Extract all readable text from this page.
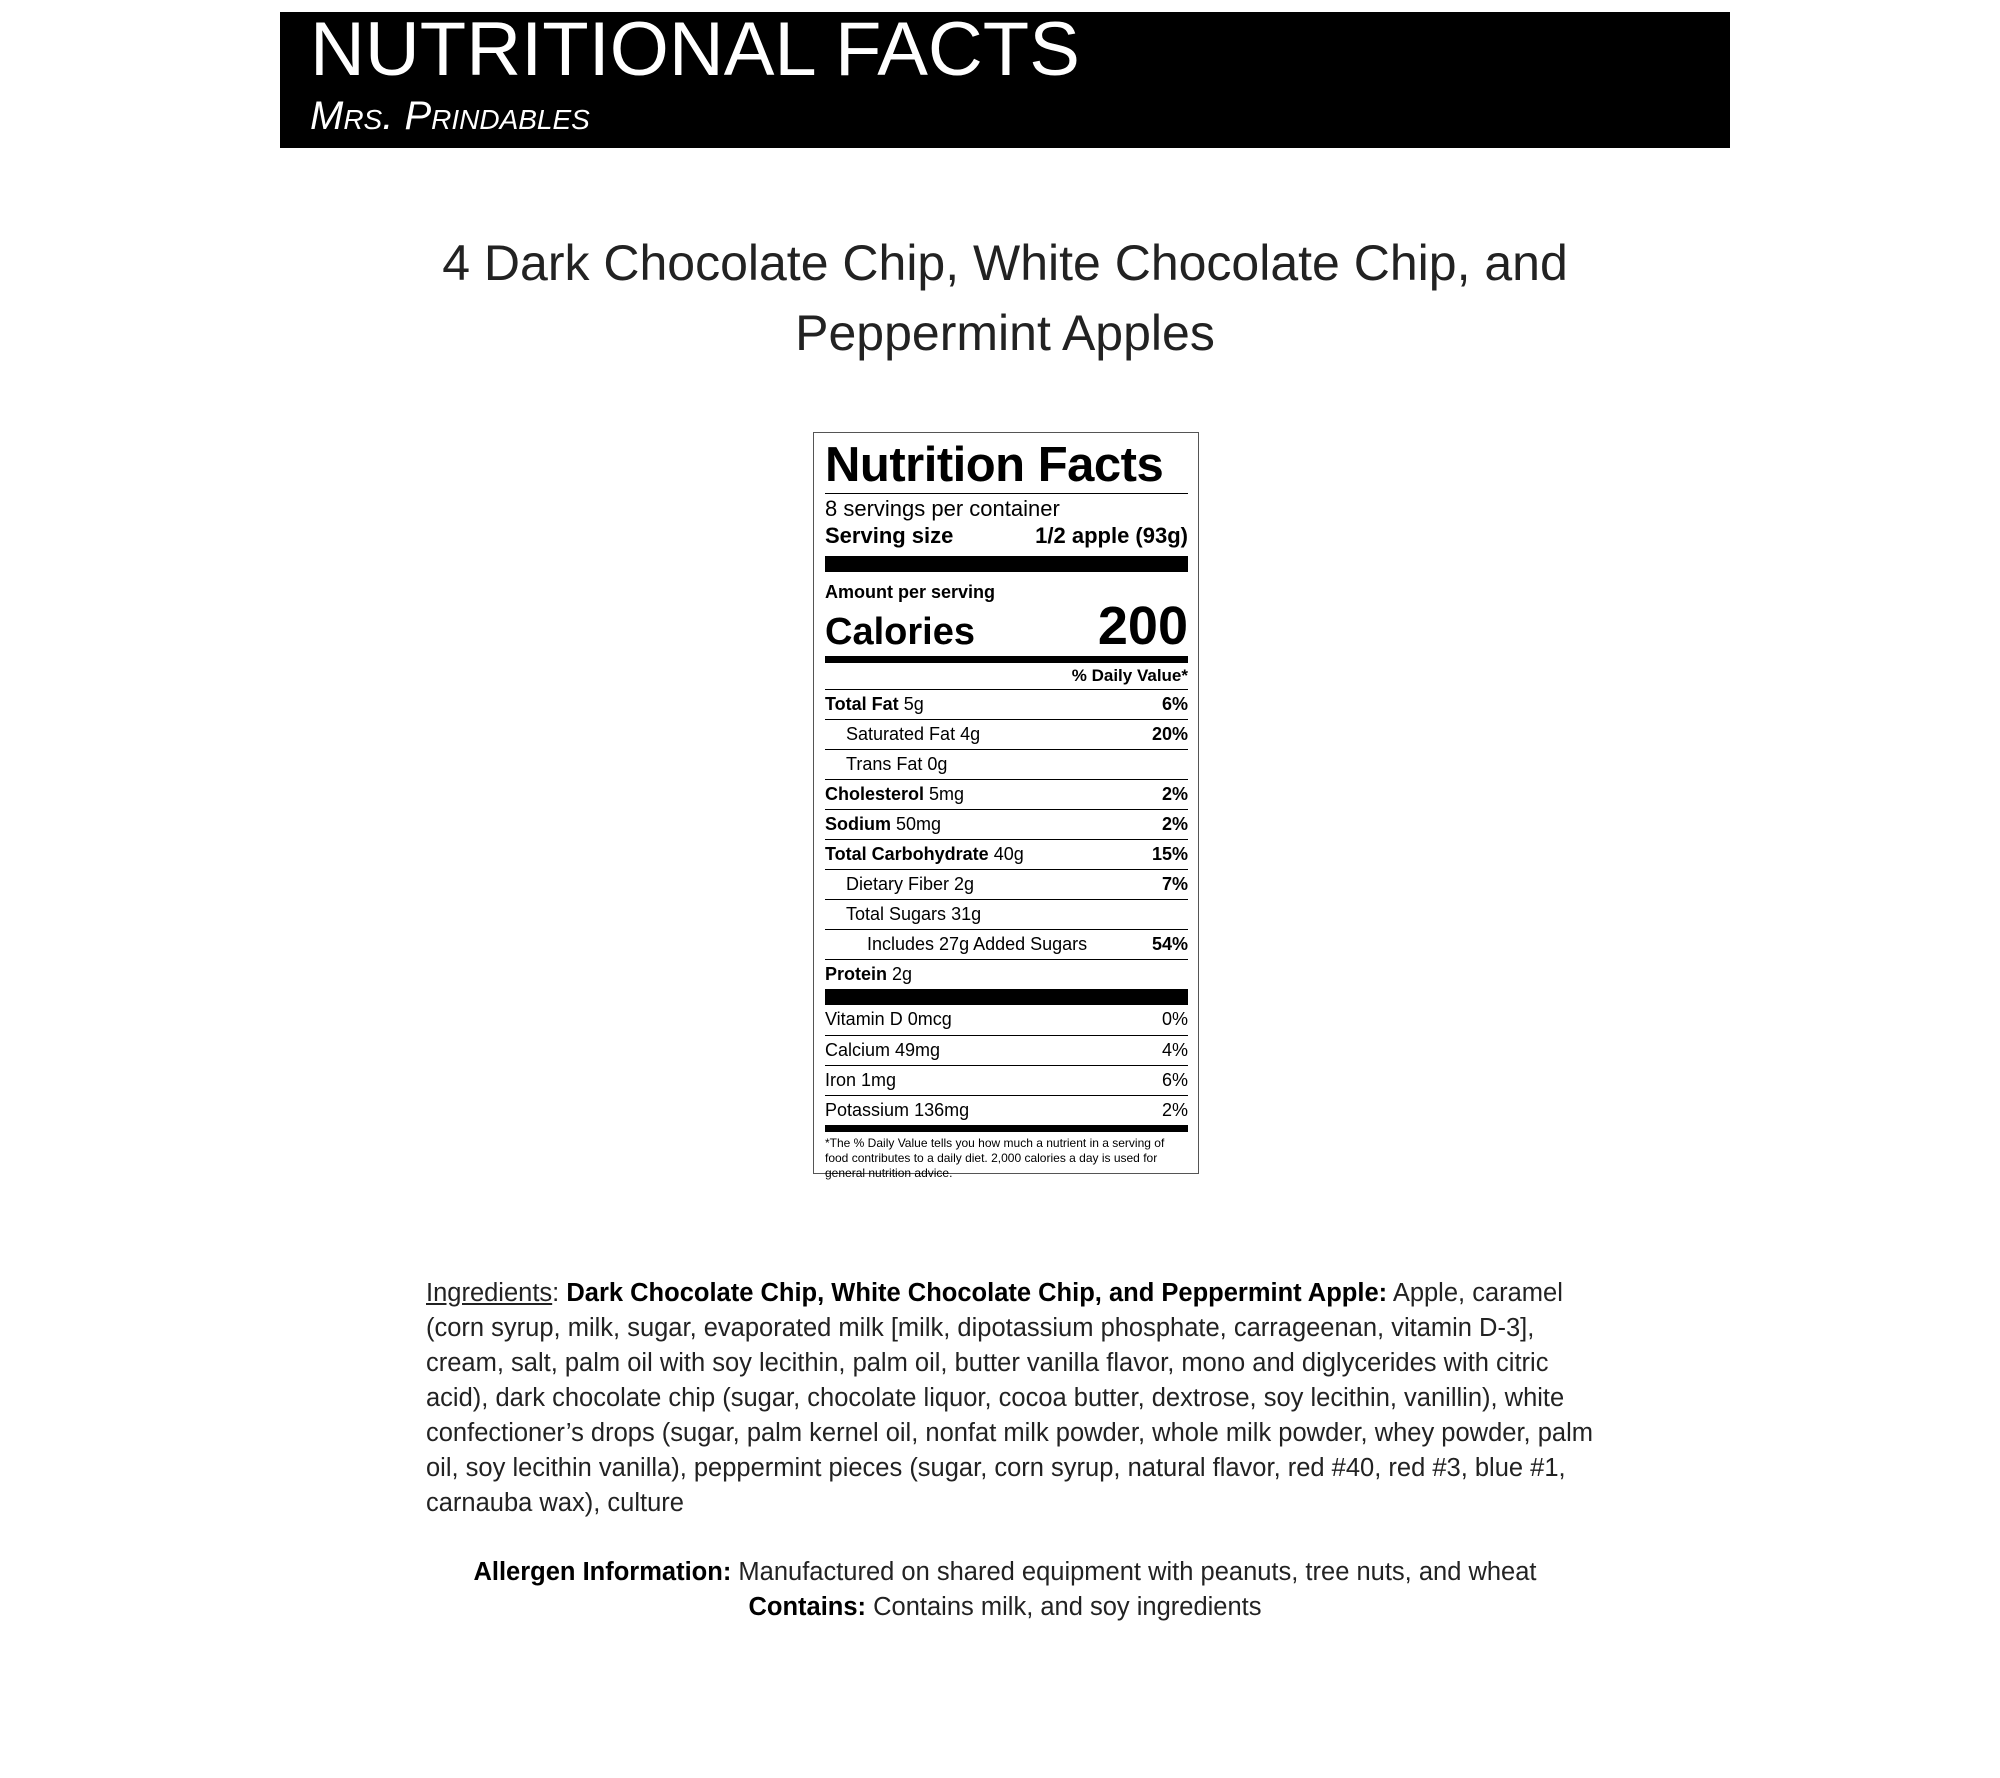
NUTRITIONAL FACTS
Mrs. Prindables
4 Dark Chocolate Chip, White Chocolate Chip, and
Peppermint Apples
Nutrition Facts
8 servings per container
Serving size	1/2 apple (93g)
Amount per serving
Calories 200
% Daily Value*
Total Fat 5g	6%
Saturated Fat 4g	20%
Trans Fat 0g
Cholesterol 5mg	2%
Sodium 50mg	2%
Total Carbohydrate 40g	15%
Dietary Fiber 2g	7%
Total Sugars 31g
Includes 27g Added Sugars	54%
Protein 2g
Vitamin D 0mcg	0%
Calcium 49mg	4%
Iron 1mg	6%
Potassium 136mg	2%
*The % Daily Value tells you how much a nutrient in a serving of food contributes to a daily diet. 2,000 calories a day is used for general nutrition advice.
Ingredients: Dark Chocolate Chip, White Chocolate Chip, and Peppermint Apple: Apple, caramel (corn syrup, milk, sugar, evaporated milk [milk, dipotassium phosphate, carrageenan, vitamin D-3], cream, salt, palm oil with soy lecithin, palm oil, butter vanilla flavor, mono and diglycerides with citric acid), dark chocolate chip (sugar, chocolate liquor, cocoa butter, dextrose, soy lecithin, vanillin), white confectioner’s drops (sugar, palm kernel oil, nonfat milk powder, whole milk powder, whey powder, palm oil, soy lecithin vanilla), peppermint pieces (sugar, corn syrup, natural flavor, red #40, red #3, blue #1, carnauba wax), culture
Allergen Information: Manufactured on shared equipment with peanuts, tree nuts, and wheat
Contains: Contains milk, and soy ingredients
